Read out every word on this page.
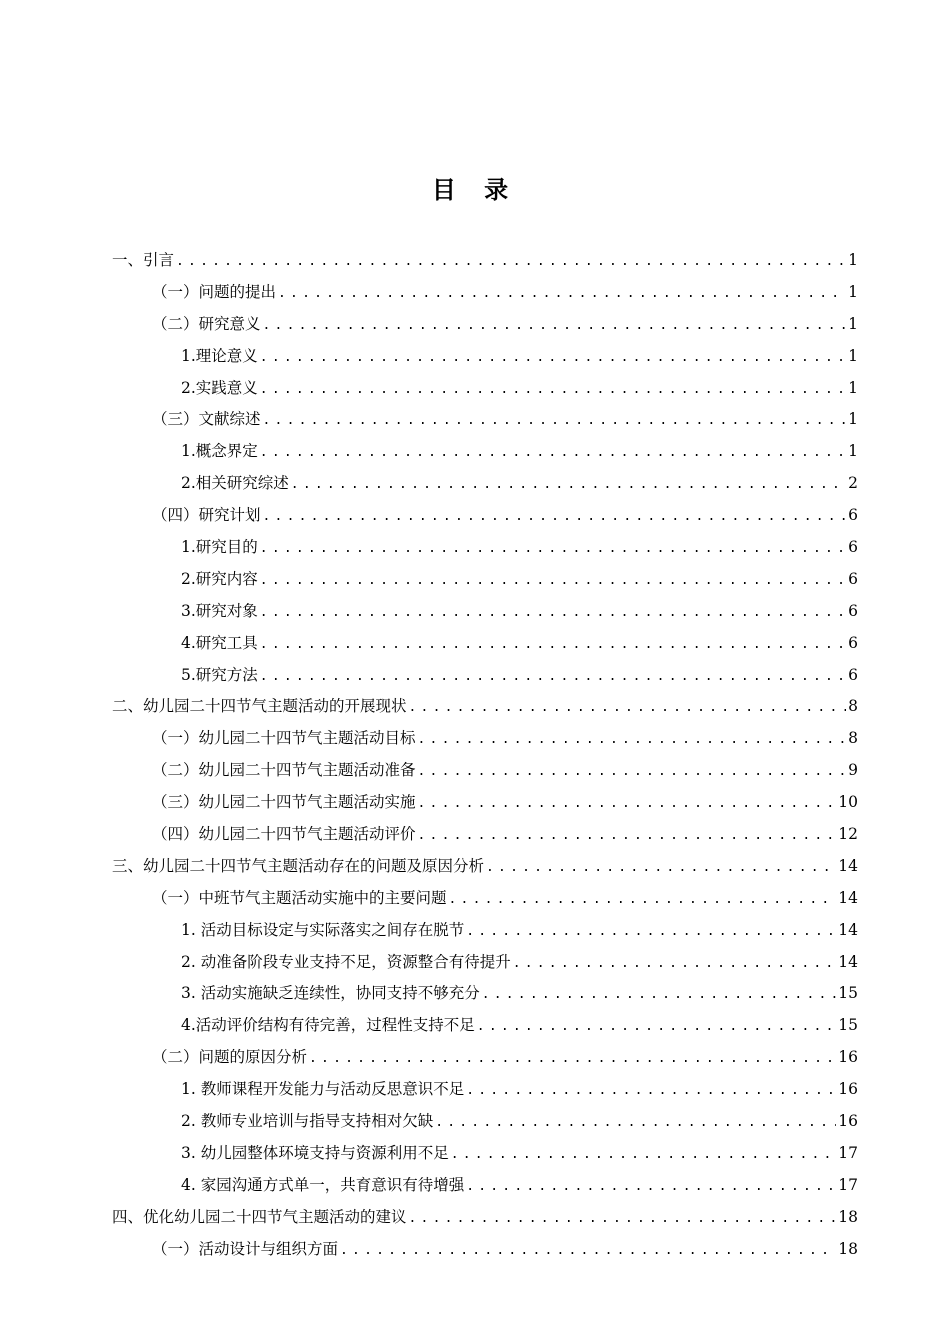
目 录
一、引言 .....	1
（一）问题的提出 .....	1
（二）研究意义 .....	1
1.理论意义 .....	1
2.实践意义 .....	1
（三）文献综述 .....	1
1.概念界定 .....	1
2.相关研究综述 .....	2
（四）研究计划 .....	6
1.研究目的 .....	6
2.研究内容 .....	6
3.研究对象 .....	6
4.研究工具 .....	6
5.研究方法 .....	6
二、幼儿园二十四节气主题活动的开展现状 .....	8
（一）幼儿园二十四节气主题活动目标 .....	8
（二）幼儿园二十四节气主题活动准备 .....	9
（三）幼儿园二十四节气主题活动实施 .....	10
（四）幼儿园二十四节气主题活动评价 .....	12
三、幼儿园二十四节气主题活动存在的问题及原因分析 .....	14
（一）中班节气主题活动实施中的主要问题 .....	14
1. 活动目标设定与实际落实之间存在脱节 .....	14
2. 动准备阶段专业支持不足，资源整合有待提升 .....	14
3. 活动实施缺乏连续性，协同支持不够充分 .....	15
4.活动评价结构有待完善，过程性支持不足 .....	15
（二）问题的原因分析 .....	16
1. 教师课程开发能力与活动反思意识不足 .....	16
2. 教师专业培训与指导支持相对欠缺 .....	16
3. 幼儿园整体环境支持与资源利用不足 .....	17
4. 家园沟通方式单一，共育意识有待增强 .....	17
四、优化幼儿园二十四节气主题活动的建议 .....	18
（一）活动设计与组织方面 .....	18
